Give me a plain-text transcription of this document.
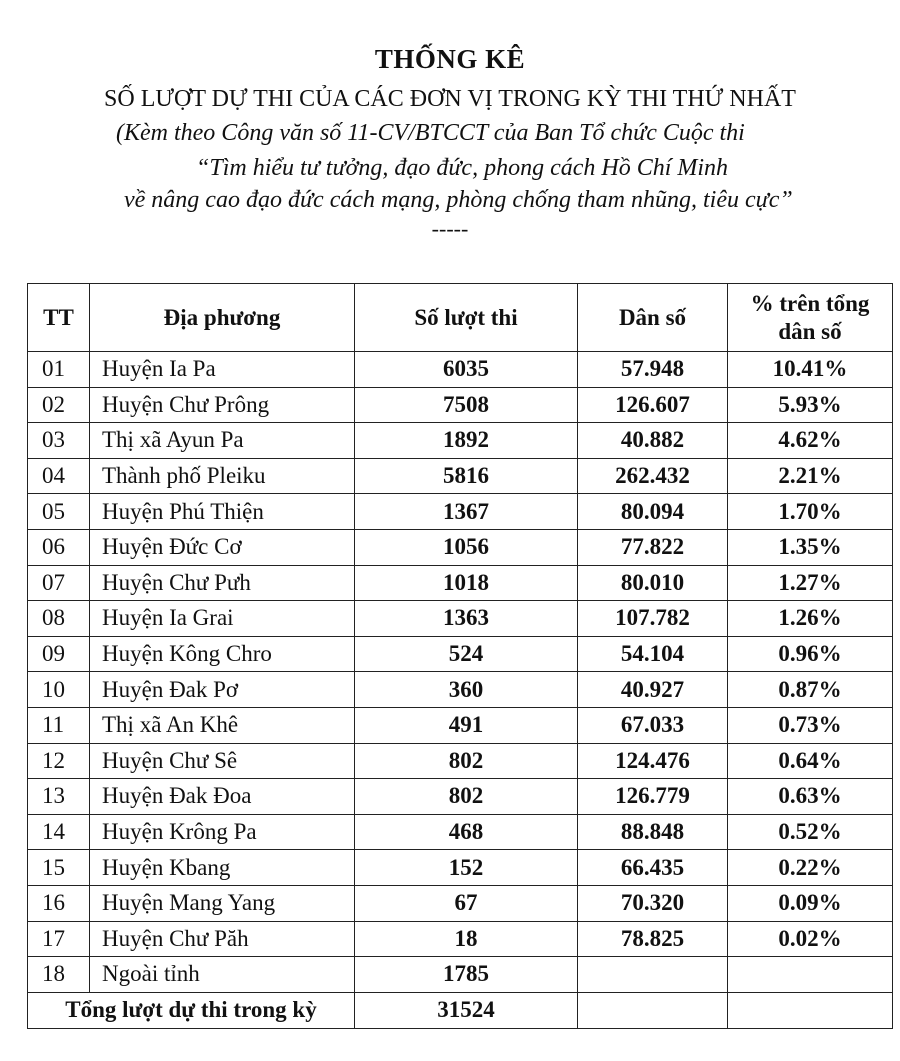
THỐNG KÊ
SỐ LƯỢT DỰ THI CỦA CÁC ĐƠN VỊ TRONG KỲ THI THỨ NHẤT
(Kèm theo Công văn số 11-CV/BTCCT của Ban Tổ chức Cuộc thi
“Tìm hiểu tư tưởng, đạo đức, phong cách Hồ Chí Minh
về nâng cao đạo đức cách mạng, phòng chống tham nhũng, tiêu cực”
-----
TT	Địa phương	Số lượt thi	Dân số	% trên tổng
dân số

01	Huyện Ia Pa	6035	57.948	10.41%
02	Huyện Chư Prông	7508	126.607	5.93%
03	Thị xã Ayun Pa	1892	40.882	4.62%
04	Thành phố Pleiku	5816	262.432	2.21%
05	Huyện Phú Thiện	1367	80.094	1.70%
06	Huyện Đức Cơ	1056	77.822	1.35%
07	Huyện Chư Pưh	1018	80.010	1.27%
08	Huyện Ia Grai	1363	107.782	1.26%
09	Huyện Kông Chro	524	54.104	0.96%
10	Huyện Đak Pơ	360	40.927	0.87%
11	Thị xã An Khê	491	67.033	0.73%
12	Huyện Chư Sê	802	124.476	0.64%
13	Huyện Đak Đoa	802	126.779	0.63%
14	Huyện Krông Pa	468	88.848	0.52%
15	Huyện Kbang	152	66.435	0.22%
16	Huyện Mang Yang	67	70.320	0.09%
17	Huyện Chư Păh	18	78.825	0.02%
18	Ngoài tỉnh	1785		
Tổng lượt dự thi trong kỳ		31524		
